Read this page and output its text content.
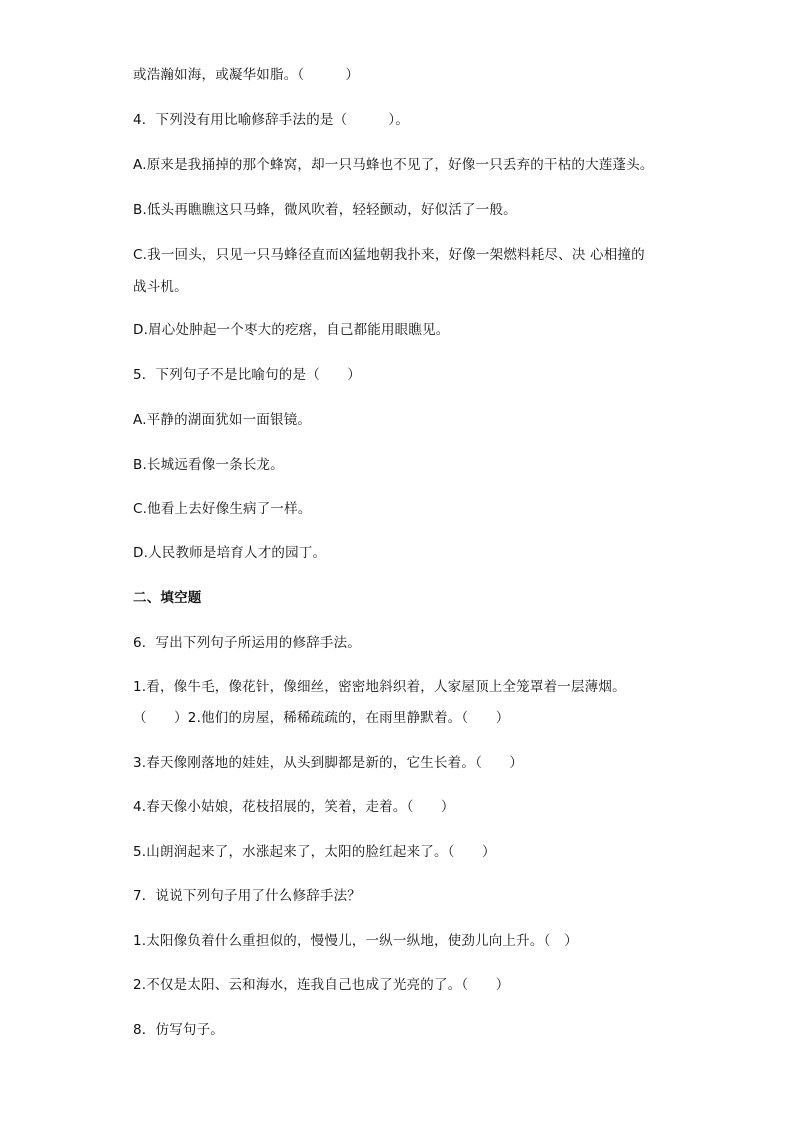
或浩瀚如海，或凝华如脂。（　　　）
4．下列没有用比喻修辞手法的是（　　　）。
A.原来是我捅掉的那个蜂窝，却一只马蜂也不见了，好像一只丢弃的干枯的大莲蓬头。
B.低头再瞧瞧这只马蜂，微风吹着，轻轻颤动，好似活了一般。
C.我一回头，只见一只马蜂径直而凶猛地朝我扑来，好像一架燃料耗尽、决 心相撞的
战斗机。
D.眉心处肿起一个枣大的疙瘩，自己都能用眼瞧见。
5．下列句子不是比喻句的是（　　）
A.平静的湖面犹如一面银镜。
B.长城远看像一条长龙。
C.他看上去好像生病了一样。
D.人民教师是培育人才的园丁。
二、填空题
6．写出下列句子所运用的修辞手法。
1.看，像牛毛，像花针，像细丝，密密地斜织着，人家屋顶上全笼罩着一层薄烟。
（　　）2.他们的房屋，稀稀疏疏的，在雨里静默着。（　　）
3.春天像刚落地的娃娃，从头到脚都是新的，它生长着。（　　）
4.春天像小姑娘，花枝招展的，笑着，走着。（　　）
5.山朗润起来了，水涨起来了，太阳的脸红起来了。（　　）
7．说说下列句子用了什么修辞手法？
1.太阳像负着什么重担似的，慢慢儿，一纵一纵地，使劲儿向上升。（　）
2.不仅是太阳、云和海水，连我自己也成了光亮的了。（　　）
8．仿写句子。
